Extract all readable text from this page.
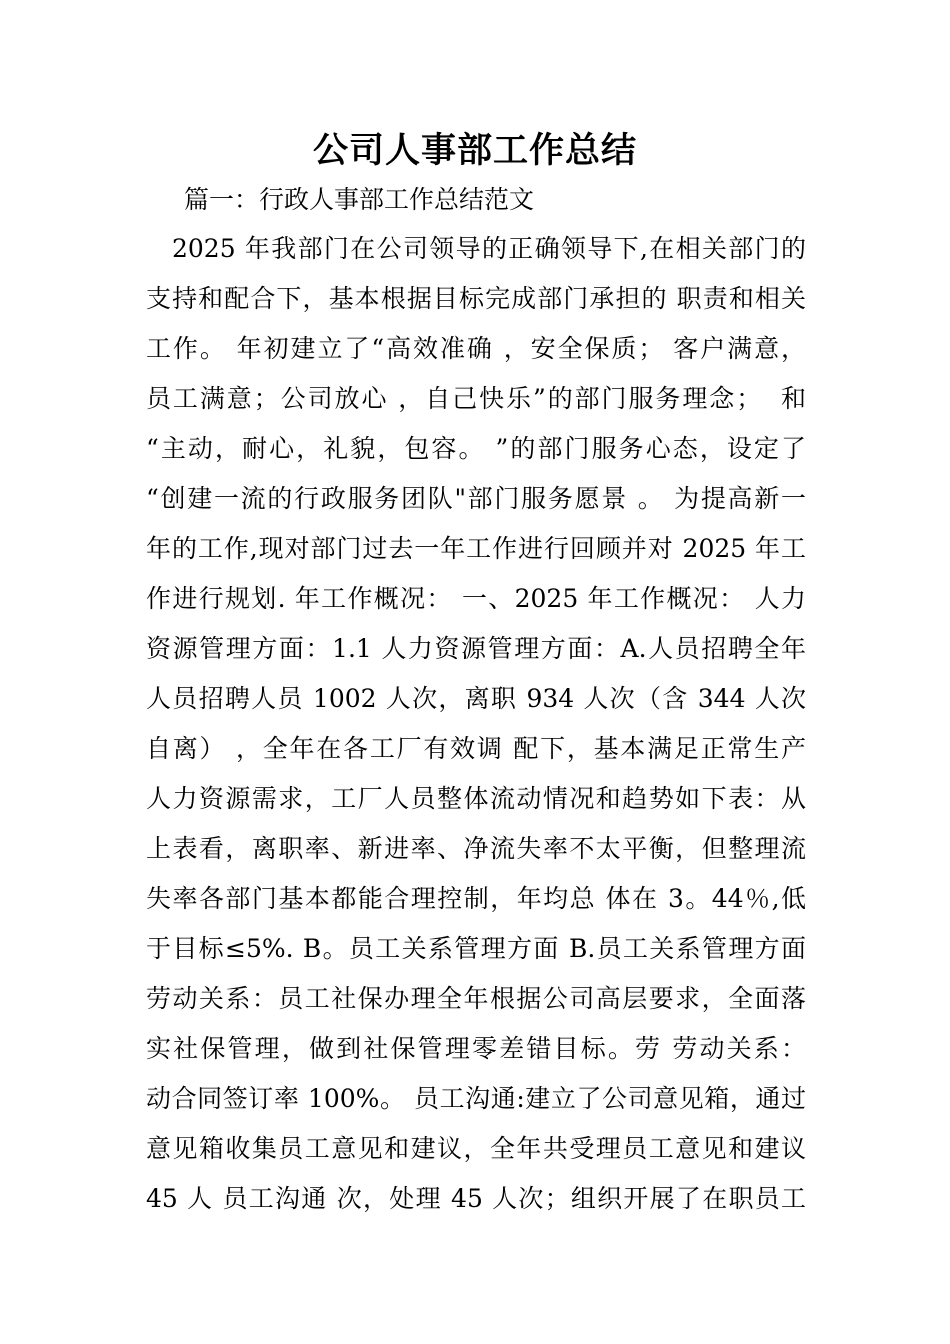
公司人事部工作总结
篇一：行政人事部工作总结范文
2025 年我部门在公司领导的正确领导下,在相关部门的
支持和配合下，基本根据目标完成部门承担的 职责和相关
工作。 年初建立了“高效准确 ，安全保质； 客户满意，
员工满意；公司放心 ，自己快乐”的部门服务理念；  和
“主动，耐心，礼貌，包容。 ”的部门服务心态，设定了
“创建一流的行政服务团队"部门服务愿景 。 为提高新一
年的工作,现对部门过去一年工作进行回顾并对 2025 年工
作进行规划. 年工作概况： 一、2025 年工作概况： 人力
资源管理方面：1.1 人力资源管理方面：A.人员招聘全年
人员招聘人员 1002 人次，离职 934 人次（含 344 人次
自离） ，全年在各工厂有效调 配下，基本满足正常生产
人力资源需求，工厂人员整体流动情况和趋势如下表：从
上表看，离职率、新进率、净流失率不太平衡，但整理流
失率各部门基本都能合理控制，年均总 体在 3。44％,低
于目标≤5%. B。员工关系管理方面 B.员工关系管理方面
劳动关系：员工社保办理全年根据公司高层要求，全面落
实社保管理，做到社保管理零差错目标。劳 劳动关系：
动合同签订率 100%。 员工沟通:建立了公司意见箱，通过
意见箱收集员工意见和建议，全年共受理员工意见和建议
45 人 员工沟通 次，处理 45 人次；组织开展了在职员工
